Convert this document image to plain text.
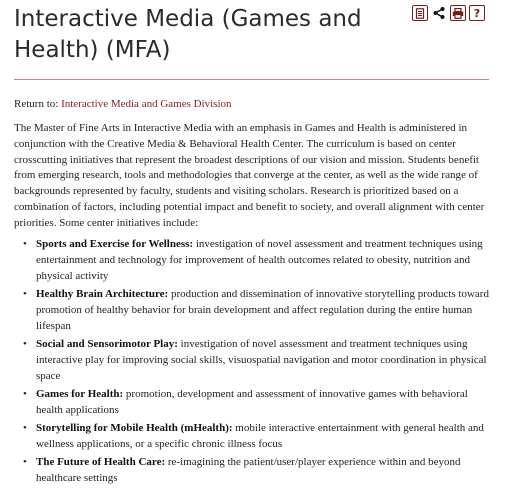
Interactive Media (Games and Health) (MFA)
?
Return to: Interactive Media and Games Division

The Master of Fine Arts in Interactive Media with an emphasis in Games and Health is administered in conjunction with the Creative Media & Behavioral Health Center. The curriculum is based on center crosscutting initiatives that represent the broadest descriptions of our vision and mission. Students benefit from emerging research, tools and methodologies that converge at the center, as well as the wide range of backgrounds represented by faculty, students and visiting scholars. Research is prioritized based on a combination of factors, including potential impact and benefit to society, and overall alignment with center priorities. Some center initiatives include:

• Sports and Exercise for Wellness: investigation of novel assessment and treatment techniques using entertainment and technology for improvement of health outcomes related to obesity, nutrition and physical activity
• Healthy Brain Architecture: production and dissemination of innovative storytelling products toward promotion of healthy behavior for brain development and affect regulation during the entire human lifespan
• Social and Sensorimotor Play: investigation of novel assessment and treatment techniques using interactive play for improving social skills, visuospatial navigation and motor coordination in physical space
• Games for Health: promotion, development and assessment of innovative games with behavioral health applications
• Storytelling for Mobile Health (mHealth): mobile interactive entertainment with general health and wellness applications, or a specific chronic illness focus
• The Future of Health Care: re-imagining the patient/user/player experience within and beyond healthcare settings
